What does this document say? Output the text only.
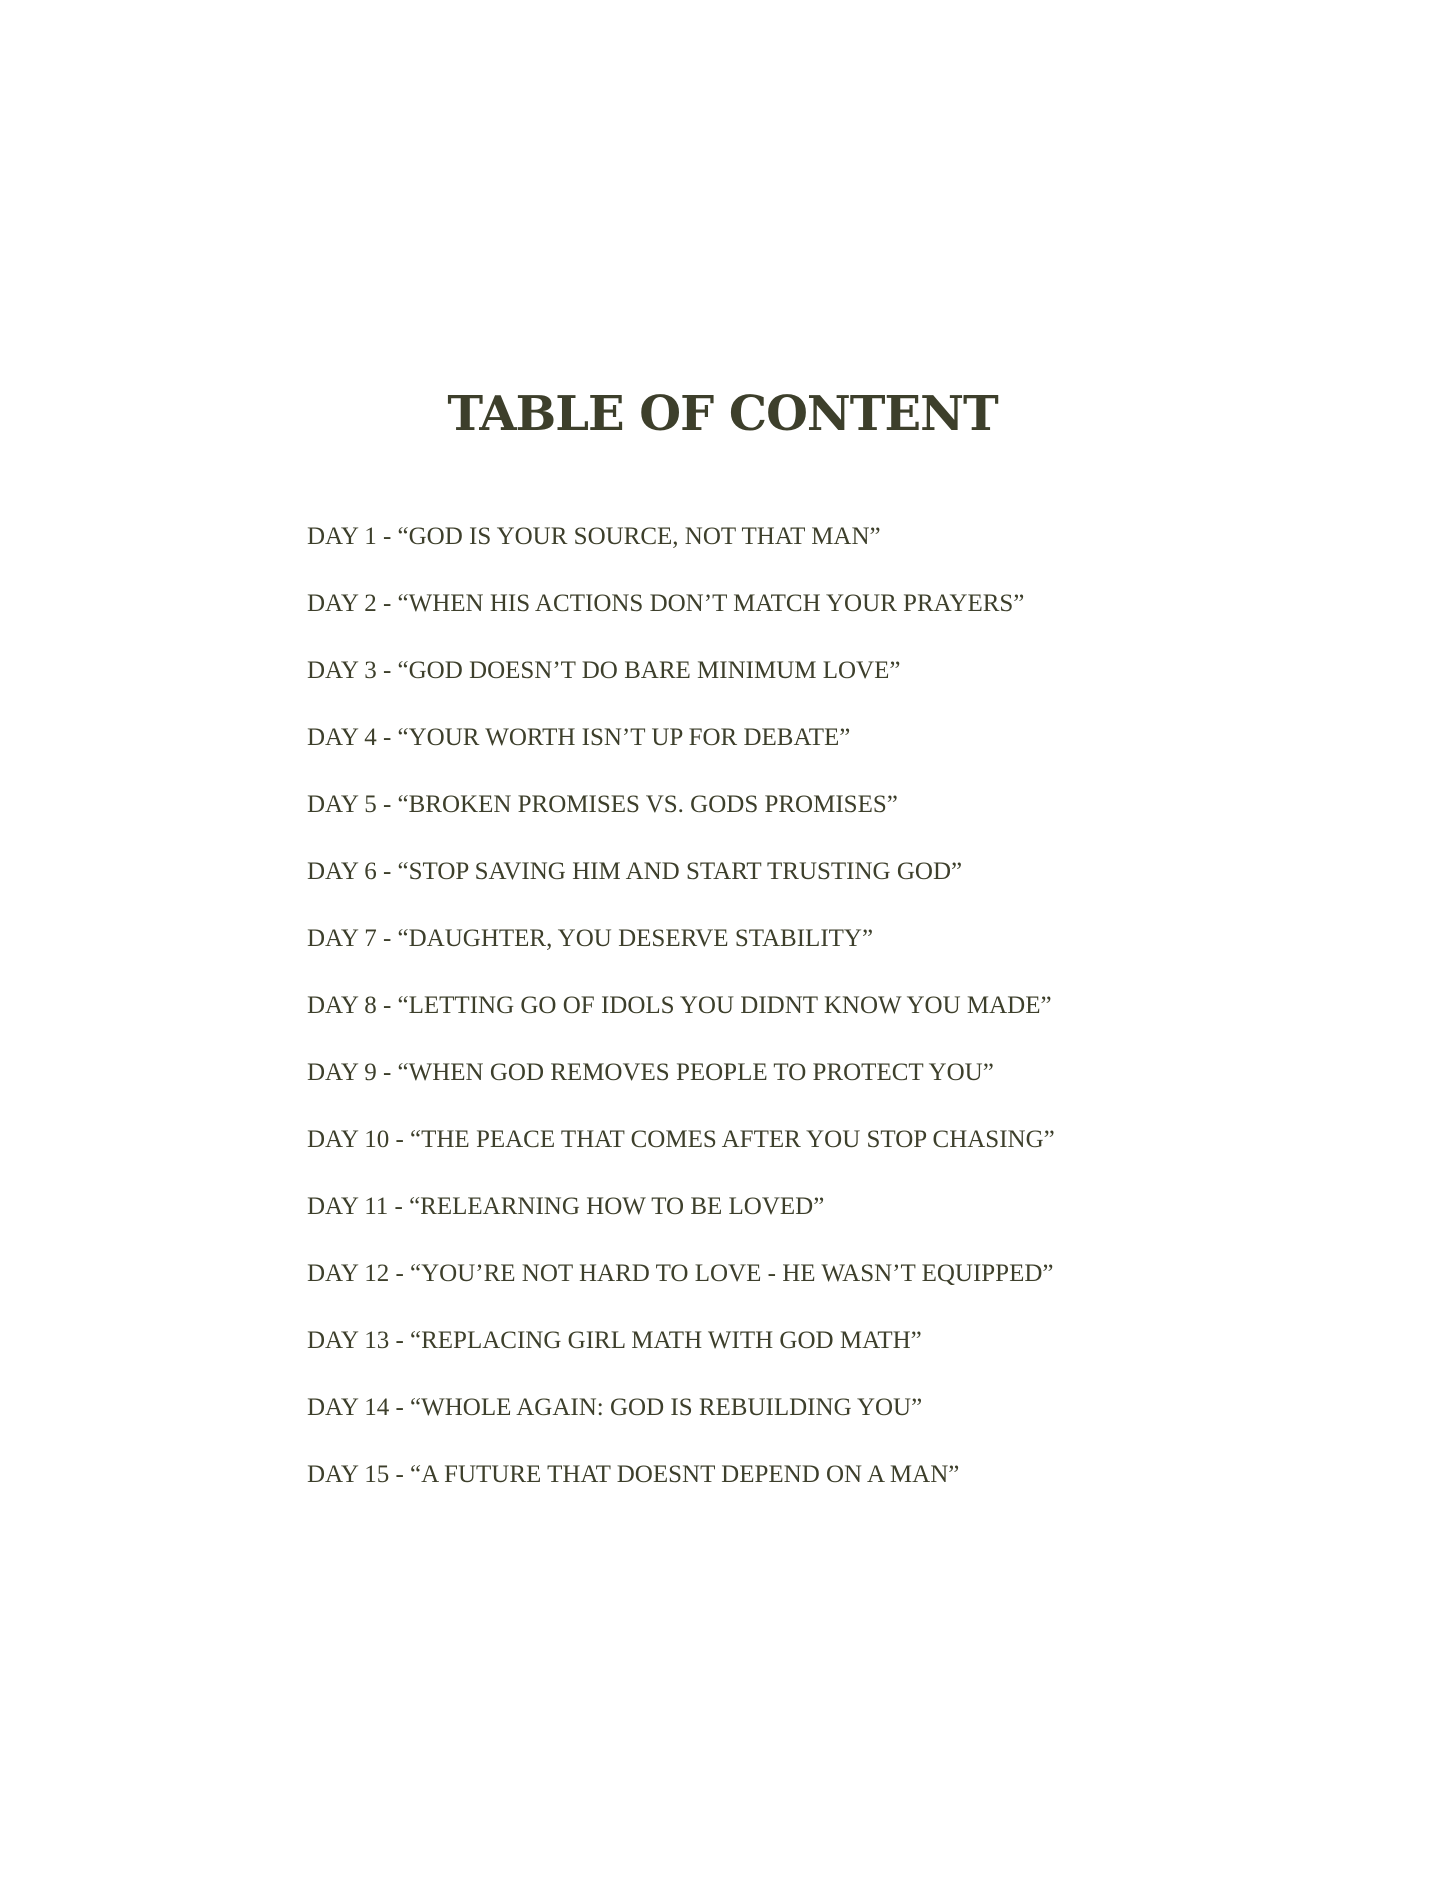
TABLE OF CONTENT
DAY 1 - “GOD IS YOUR SOURCE, NOT THAT MAN”
DAY 2 - “WHEN HIS ACTIONS DON’T MATCH YOUR PRAYERS”
DAY 3 - “GOD DOESN’T DO BARE MINIMUM LOVE”
DAY 4 - “YOUR WORTH ISN’T UP FOR DEBATE”
DAY 5 - “BROKEN PROMISES VS. GODS PROMISES”
DAY 6 - “STOP SAVING HIM AND START TRUSTING GOD”
DAY 7 - “DAUGHTER, YOU DESERVE STABILITY”
DAY 8 - “LETTING GO OF IDOLS YOU DIDNT KNOW YOU MADE”
DAY 9 - “WHEN GOD REMOVES PEOPLE TO PROTECT YOU”
DAY 10 - “THE PEACE THAT COMES AFTER YOU STOP CHASING”
DAY 11 - “RELEARNING HOW TO BE LOVED”
DAY 12 - “YOU’RE NOT HARD TO LOVE - HE WASN’T EQUIPPED”
DAY 13 - “REPLACING GIRL MATH WITH GOD MATH”
DAY 14 - “WHOLE AGAIN: GOD IS REBUILDING YOU”
DAY 15 - “A FUTURE THAT DOESNT DEPEND ON A MAN”
